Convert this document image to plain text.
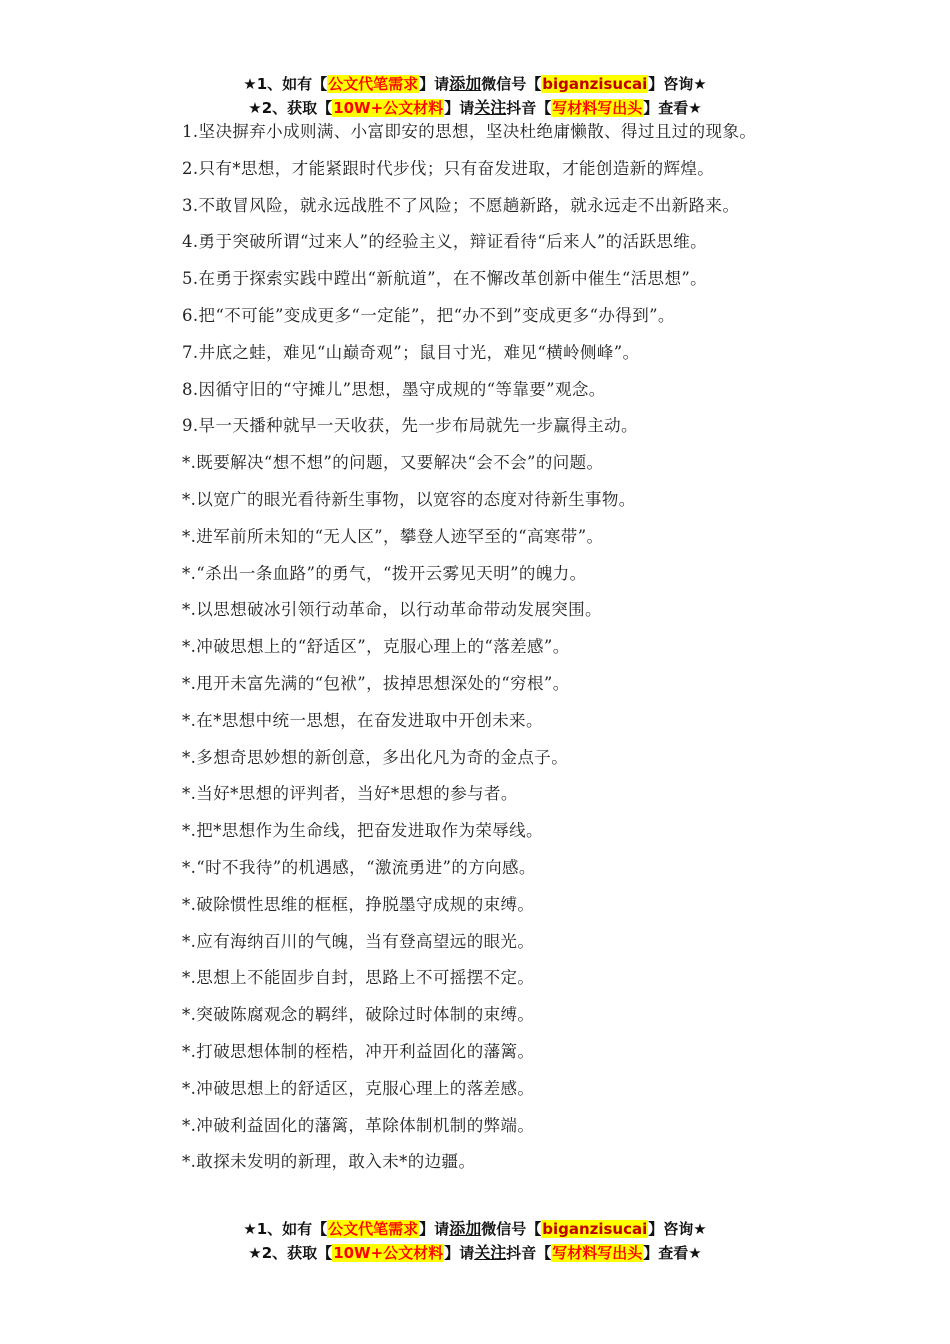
★1、如有【公文代笔需求】请添加微信号【biganzisucai】咨询★
★2、获取【10W+公文材料】请关注抖音【写材料写出头】查看★

1.坚决摒弃小成则满、小富即安的思想，坚决杜绝庸懒散、得过且过的现象。

2.只有*思想，才能紧跟时代步伐；只有奋发进取，才能创造新的辉煌。

3.不敢冒风险，就永远战胜不了风险；不愿趟新路，就永远走不出新路来。

4.勇于突破所谓“过来人”的经验主义，辩证看待“后来人”的活跃思维。

5.在勇于探索实践中蹚出“新航道”，在不懈改革创新中催生“活思想”。

6.把“不可能”变成更多“一定能”，把“办不到”变成更多“办得到”。

7.井底之蛙，难见“山巅奇观”；鼠目寸光，难见“横岭侧峰”。

8.因循守旧的“守摊儿”思想，墨守成规的“等靠要”观念。

9.早一天播种就早一天收获，先一步布局就先一步赢得主动。

*.既要解决“想不想”的问题，又要解决“会不会”的问题。

*.以宽广的眼光看待新生事物，以宽容的态度对待新生事物。

*.进军前所未知的“无人区”，攀登人迹罕至的“高寒带”。

*.“杀出一条血路”的勇气，“拨开云雾见天明”的魄力。

*.以思想破冰引领行动革命，以行动革命带动发展突围。

*.冲破思想上的“舒适区”，克服心理上的“落差感”。

*.甩开未富先满的“包袱”，拔掉思想深处的“穷根”。

*.在*思想中统一思想，在奋发进取中开创未来。

*.多想奇思妙想的新创意，多出化凡为奇的金点子。

*.当好*思想的评判者，当好*思想的参与者。

*.把*思想作为生命线，把奋发进取作为荣辱线。

*.“时不我待”的机遇感，“激流勇进”的方向感。

*.破除惯性思维的框框，挣脱墨守成规的束缚。

*.应有海纳百川的气魄，当有登高望远的眼光。

*.思想上不能固步自封，思路上不可摇摆不定。

*.突破陈腐观念的羁绊，破除过时体制的束缚。

*.打破思想体制的桎梏，冲开利益固化的藩篱。

*.冲破思想上的舒适区，克服心理上的落差感。

*.冲破利益固化的藩篱，革除体制机制的弊端。

*.敢探未发明的新理，敢入未*的边疆。

★1、如有【公文代笔需求】请添加微信号【biganzisucai】咨询★
★2、获取【10W+公文材料】请关注抖音【写材料写出头】查看★
